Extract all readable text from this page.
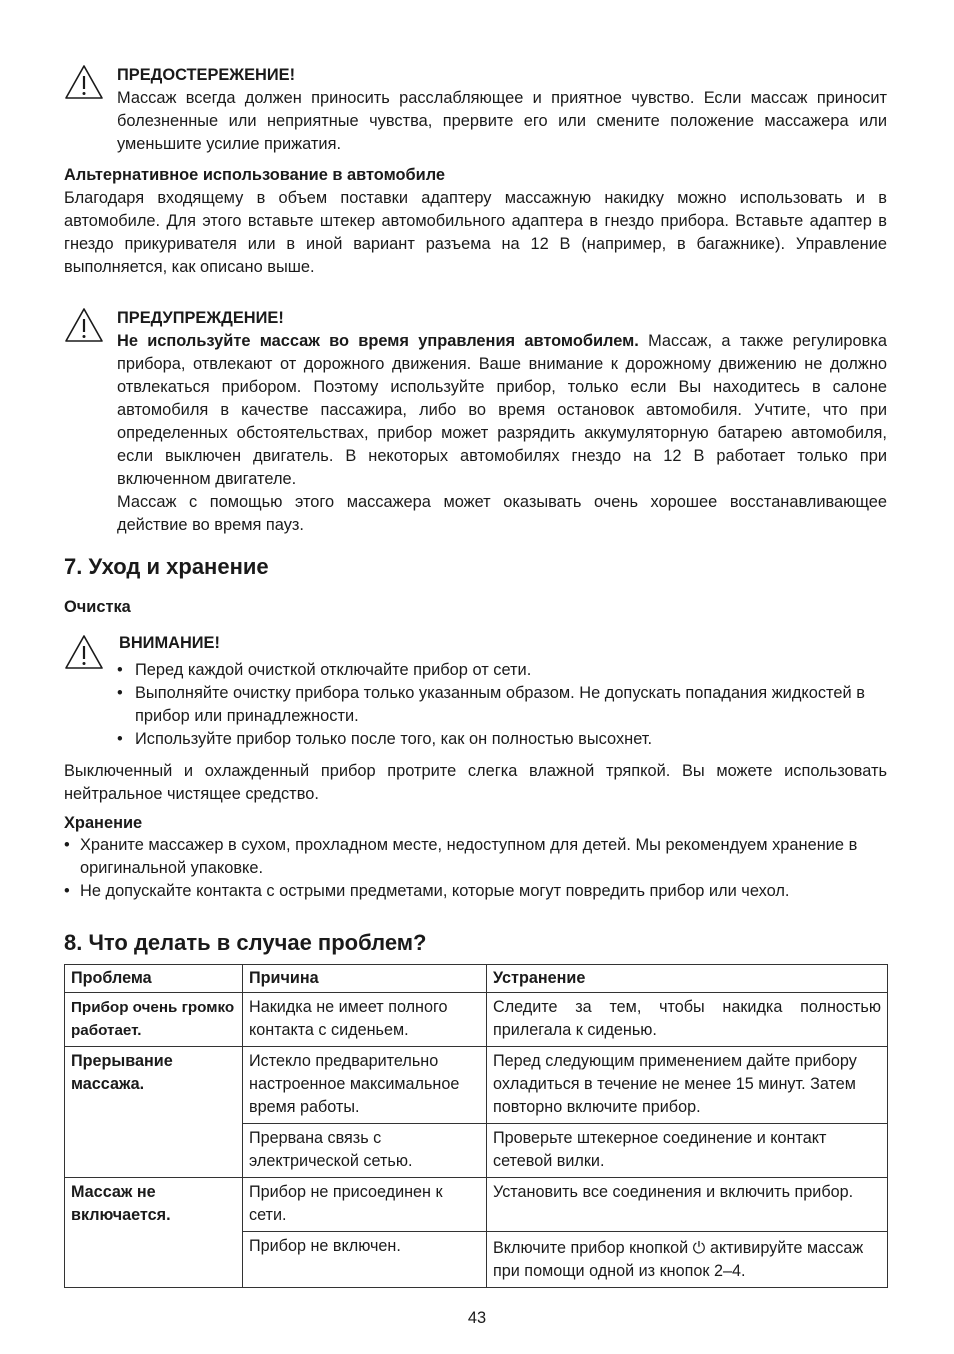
ПРЕДОСТЕРЕЖЕНИЕ!

Массаж всегда должен приносить расслабляющее и приятное чувство. Если массаж приносит болезненные или неприятные чувства, прервите его или смените положение массажера или уменьшите усилие прижатия.

Альтернативное использование в автомобиле

Благодаря входящему в объем поставки адаптеру массажную накидку можно использовать и в автомобиле. Для этого вставьте штекер автомобильного адаптера в гнездо прибора. Вставьте адаптер в гнездо прикуривателя или в иной вариант разъема на 12 В (например, в багажнике). Управление выполняется, как описано выше.

ПРЕДУПРЕЖДЕНИЕ!

Не используйте массаж во время управления автомобилем. Массаж, а также регулировка прибора, отвлекают от дорожного движения. Ваше внимание к дорожному движению не должно отвлекаться прибором. Поэтому используйте прибор, только если Вы находитесь в салоне автомобиля в качестве пассажира, либо во время остановок автомобиля. Учтите, что при определенных обстоятельствах, прибор может разрядить аккумуляторную батарею автомобиля, если выключен двигатель. В некоторых автомобилях гнездо на 12 В работает только при включенном двигателе.

Массаж с помощью этого массажера может оказывать очень хорошее восстанавливающее действие во время пауз.

7. Уход и хранение
Очистка
ВНИМАНИЕ!
• Перед каждой очисткой отключайте прибор от сети.
• Выполняйте очистку прибора только указанным образом. Не допускать попадания жидкостей в прибор или принадлежности.
• Используйте прибор только после того, как он полностью высохнет.

Выключенный и охлажденный прибор протрите слегка влажной тряпкой. Вы можете использовать нейтральное чистящее средство.

Хранение
• Храните массажер в сухом, прохладном месте, недоступном для детей. Мы рекомендуем хранение в оригинальной упаковке.
• Не допускайте контакта с острыми предметами, которые могут повредить прибор или чехол.
8. Что делать в случае проблем?
Проблема	Причина	Устранение
Прибор очень громко работает.	Накидка не имеет полного контакта с сиденьем.	Следите за тем, чтобы накидка полностью прилегала к сиденью.
Прерывание массажа.	Истекло предварительно настроенное максимальное время работы.	Перед следующим применением дайте прибору охладиться в течение не менее 15 минут. Затем повторно включите прибор.
	Прервана связь с электрической сетью.	Проверьте штекерное соединение и контакт сетевой вилки.
Массаж не включается.	Прибор не присоединен к сети.	Установить все соединения и включить прибор.
	Прибор не включен.	Включите прибор кнопкой ⏻ активируйте массаж при помощи одной из кнопок 2–4.
43
